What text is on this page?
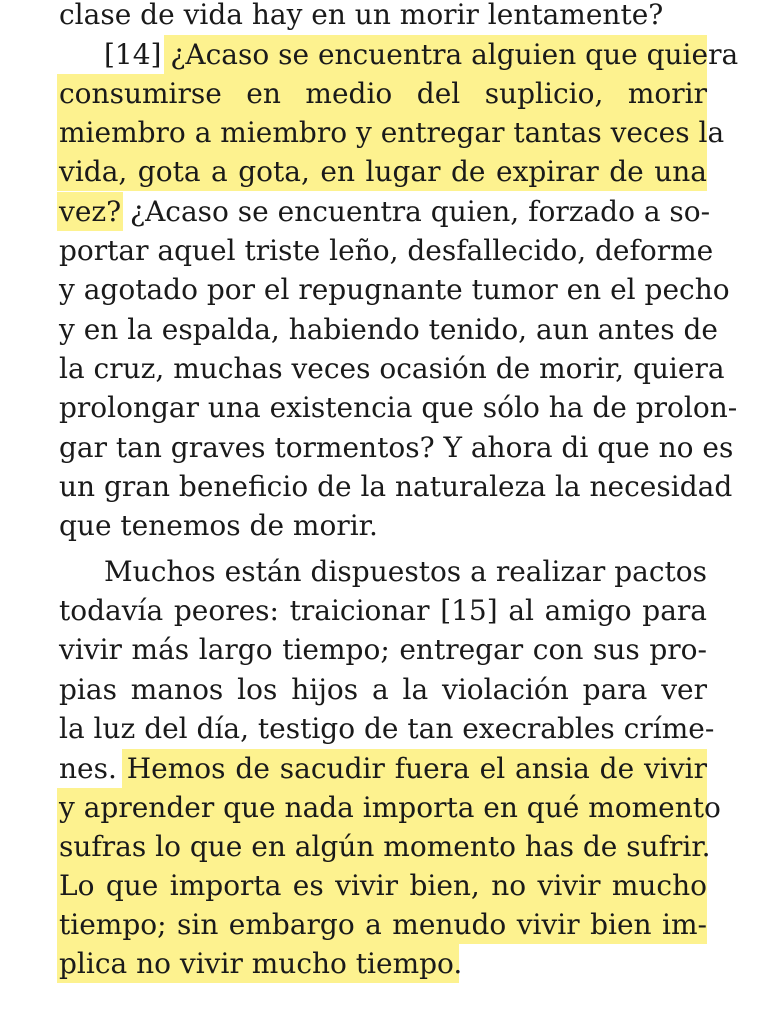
clase de vida hay en un morir lentamente?
[14] ¿Acaso se encuentra alguien que quiera
consumirse en medio del suplicio, morir
miembro a miembro y entregar tantas veces la
vida, gota a gota, en lugar de expirar de una
vez? ¿Acaso se encuentra quien, forzado a so-
portar aquel triste leño, desfallecido, deforme
y agotado por el repugnante tumor en el pecho
y en la espalda, habiendo tenido, aun antes de
la cruz, muchas veces ocasión de morir, quiera
prolongar una existencia que sólo ha de prolon-
gar tan graves tormentos? Y ahora di que no es
un gran beneficio de la naturaleza la necesidad
que tenemos de morir.
Muchos están dispuestos a realizar pactos
todavía peores: traicionar [15] al amigo para
vivir más largo tiempo; entregar con sus pro-
pias manos los hijos a la violación para ver
la luz del día, testigo de tan execrables críme-
nes. Hemos de sacudir fuera el ansia de vivir
y aprender que nada importa en qué momento
sufras lo que en algún momento has de sufrir.
Lo que importa es vivir bien, no vivir mucho
tiempo; sin embargo a menudo vivir bien im-
plica no vivir mucho tiempo.
